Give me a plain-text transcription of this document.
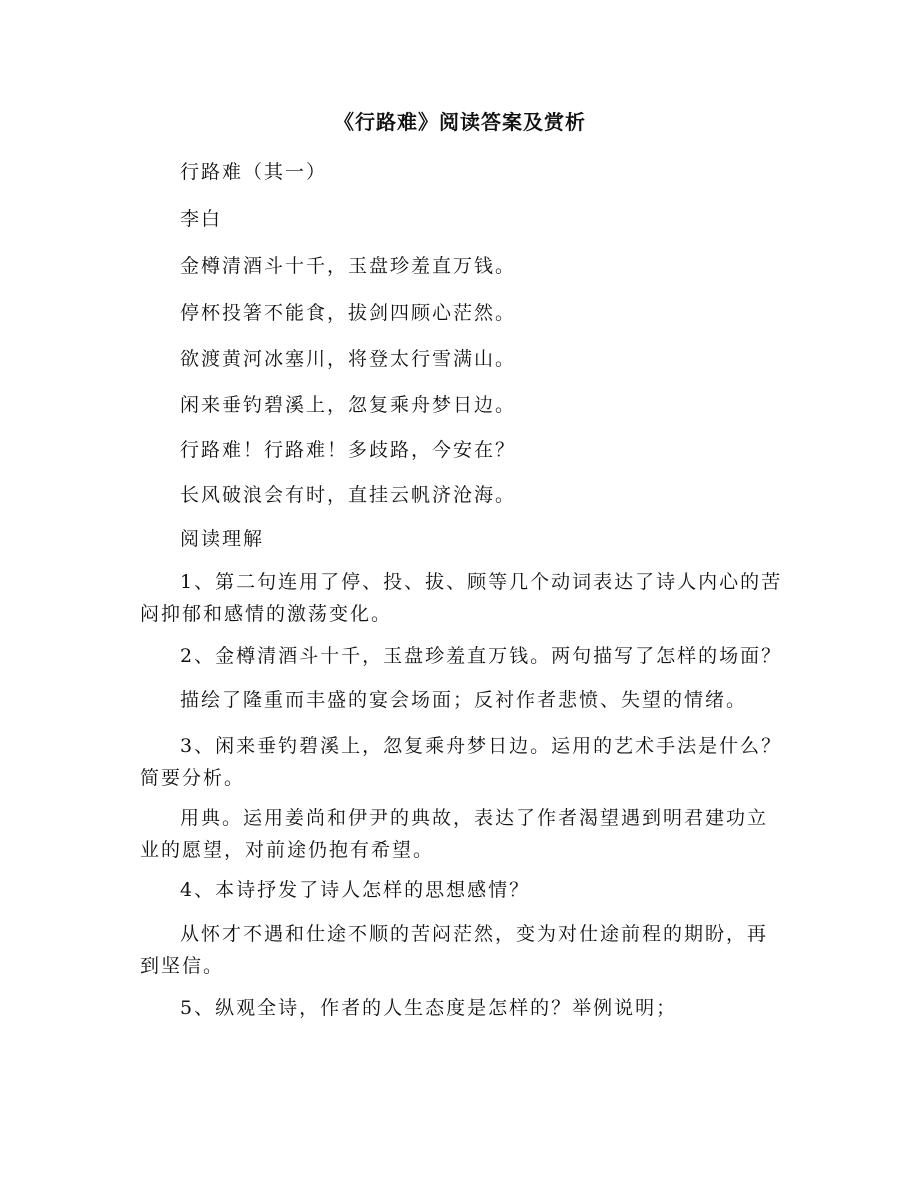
《行路难》阅读答案及赏析
行路难（其一）
李白
金樽清酒斗十千，玉盘珍羞直万钱。
停杯投箸不能食，拔剑四顾心茫然。
欲渡黄河冰塞川，将登太行雪满山。
闲来垂钓碧溪上，忽复乘舟梦日边。
行路难！行路难！多歧路，今安在？
长风破浪会有时，直挂云帆济沧海。
阅读理解
1、第二句连用了停、投、拔、顾等几个动词表达了诗人内心的苦
闷抑郁和感情的激荡变化。
2、金樽清酒斗十千，玉盘珍羞直万钱。两句描写了怎样的场面？
描绘了隆重而丰盛的宴会场面；反衬作者悲愤、失望的情绪。
3、闲来垂钓碧溪上，忽复乘舟梦日边。运用的艺术手法是什么？
简要分析。
用典。运用姜尚和伊尹的典故，表达了作者渴望遇到明君建功立
业的愿望，对前途仍抱有希望。
4、本诗抒发了诗人怎样的思想感情？
从怀才不遇和仕途不顺的苦闷茫然，变为对仕途前程的期盼，再
到坚信。
5、纵观全诗，作者的人生态度是怎样的？举例说明；
